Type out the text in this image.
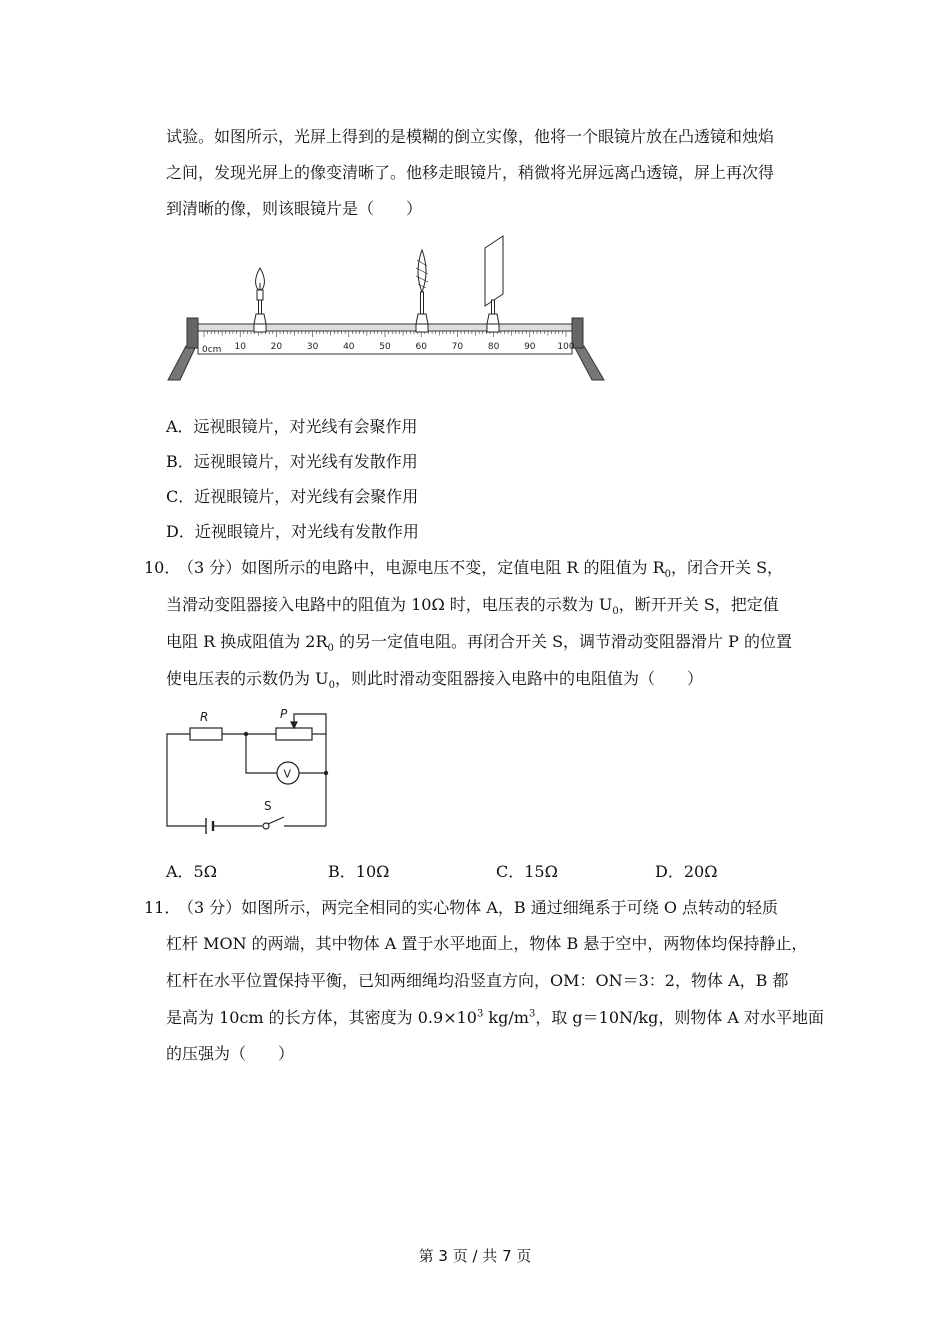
试验。如图所示，光屏上得到的是模糊的倒立实像，他将一个眼镜片放在凸透镜和烛焰
之间，发现光屏上的像变清晰了。他移走眼镜片，稍微将光屏远离凸透镜，屏上再次得
到清晰的像，则该眼镜片是（　　）
0cm 10	20	30	40	50	60	70	80	90 100
A．远视眼镜片，对光线有会聚作用
B．远视眼镜片，对光线有发散作用
C．近视眼镜片，对光线有会聚作用
D．近视眼镜片，对光线有发散作用
10．
（3 分）如图所示的电路中，电源电压不变，定值电阻 R 的阻值为 $R_0$，闭合开关 S，
当滑动变阻器接入电路中的阻值为 10Ω 时，电压表的示数为 $U_0$，断开开关 S，把定值
电阻 R 换成阻值为 $2R_0$ 的另一定值电阻。再闭合开关 S，调节滑动变阻器滑片 P 的位置
使电压表的示数仍为 $U_0$，则此时滑动变阻器接入电路中的电阻值为（　　）
R	P
V
S
A．5Ω	B．10Ω	C．15Ω	D．20Ω
11．
（3 分）如图所示，两完全相同的实心物体 A，B 通过细绳系于可绕 O 点转动的轻质
杠杆 MON 的两端，其中物体 A 置于水平地面上，物体 B 悬于空中，两物体均保持静止，
杠杆在水平位置保持平衡，已知两细绳均沿竖直方向，OM：ON＝3：2，物体 A，B 都
是高为 10cm 的长方体，其密度为 $0.9\times 10^3$ $kg/m^3$，取 g＝10N/kg，则物体 A 对水平地面
的压强为（　　）
第 3 页 / 共 7 页
